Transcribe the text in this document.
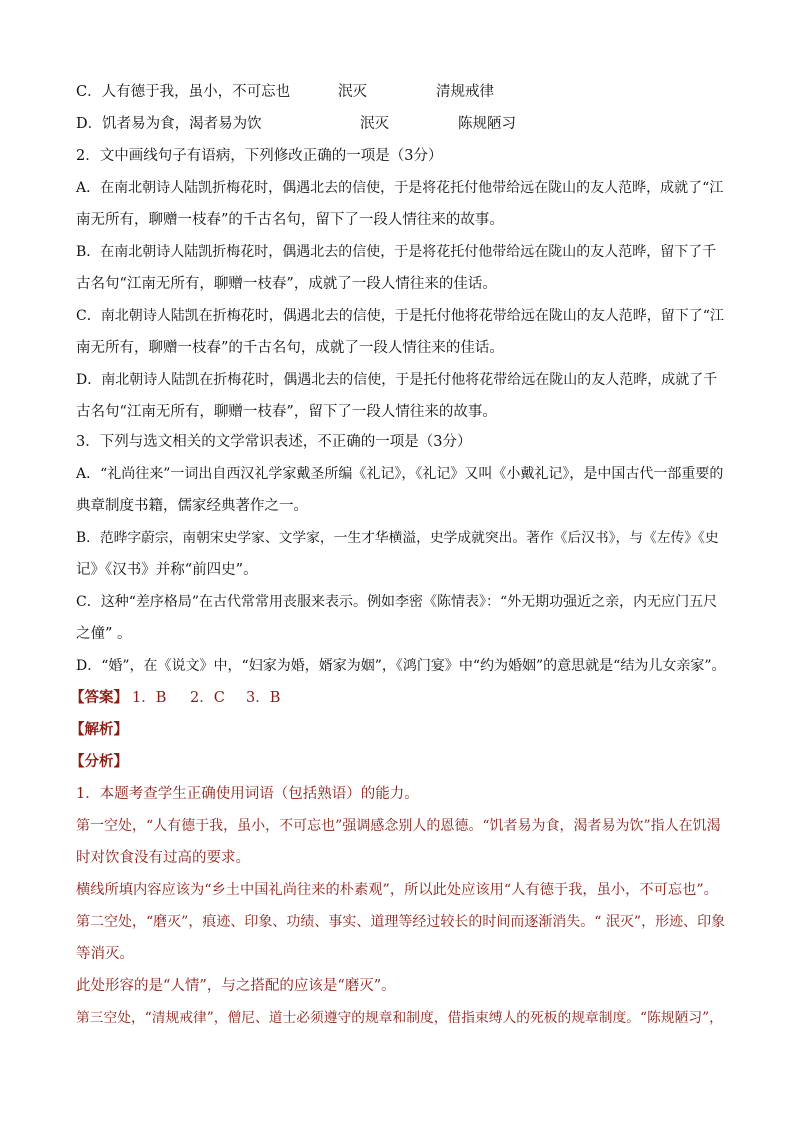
C．人有德于我，虽小，不可忘也	泯灭	清规戒律
D．饥者易为食，渴者易为饮	泯灭	陈规陋习
2．文中画线句子有语病，下列修改正确的一项是（3分）
A．在南北朝诗人陆凯折梅花时，偶遇北去的信使，于是将花托付他带给远在陇山的友人范晔，成就了“江
南无所有，聊赠一枝春”的千古名句，留下了一段人情往来的故事。
B．在南北朝诗人陆凯折梅花时，偶遇北去的信使，于是将花托付他带给远在陇山的友人范晔，留下了千
古名句“江南无所有，聊赠一枝春”，成就了一段人情往来的佳话。
C．南北朝诗人陆凯在折梅花时，偶遇北去的信使，于是托付他将花带给远在陇山的友人范晔，留下了“江
南无所有，聊赠一枝春”的千古名句，成就了一段人情往来的佳话。
D．南北朝诗人陆凯在折梅花时，偶遇北去的信使，于是托付他将花带给远在陇山的友人范晔，成就了千
古名句“江南无所有，聊赠一枝春”，留下了一段人情往来的故事。
3．下列与选文相关的文学常识表述，不正确的一项是（3分）
A．“礼尚往来”一词出自西汉礼学家戴圣所编《礼记》，《礼记》又叫《小戴礼记》，是中国古代一部重要的
典章制度书籍，儒家经典著作之一。
B．范晔字蔚宗，南朝宋史学家、文学家，一生才华横溢，史学成就突出。著作《后汉书》，与《左传》《史
记》《汉书》并称“前四史”。
C．这种“差序格局”在古代常常用丧服来表示。例如李密《陈情表》：“外无期功强近之亲，内无应门五尺
之僮” 。
D．“婚”，在《说文》中，“妇家为婚，婿家为姻”，《鸿门宴》中“约为婚姻”的意思就是“结为儿女亲家”。
【答案】 1．B 2．C 3．B
【解析】
【分析】
1．本题考查学生正确使用词语（包括熟语）的能力。
第一空处，“人有德于我，虽小，不可忘也”强调感念别人的恩德。“饥者易为食，渴者易为饮”指人在饥渴
时对饮食没有过高的要求。
横线所填内容应该为“乡土中国礼尚往来的朴素观”，所以此处应该用“人有德于我，虽小，不可忘也”。
第二空处，“磨灭”，痕迹、印象、功绩、事实、道理等经过较长的时间而逐渐消失。“ 泯灭”，形迹、印象
等消灭。
此处形容的是“人情”，与之搭配的应该是“磨灭”。
第三空处，“清规戒律”，僧尼、道士必须遵守的规章和制度，借指束缚人的死板的规章制度。“陈规陋习”，
